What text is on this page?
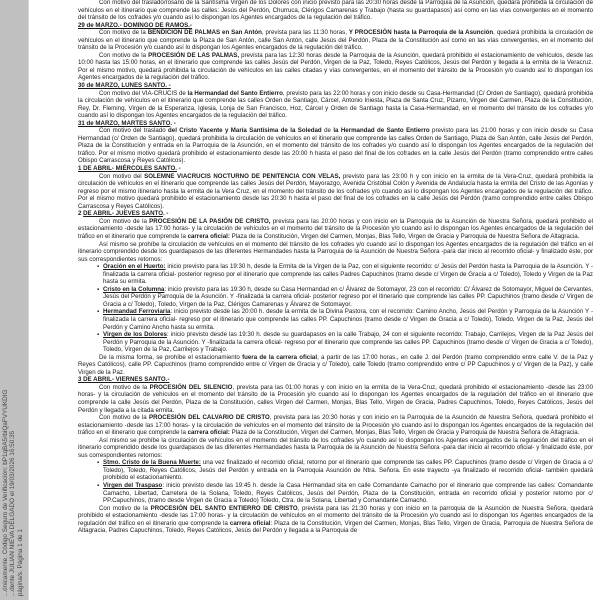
...ónicamente. Código Seguro de Verificación: bP1qBA5rbiQaFVYUKDIG ...dente JULIAN NIEVA DELGADO el 19/03/2026 16:50:35 página/s. Página 1 de 1

Con motivo del traslado/rosario de la Santísima Virgen de los Dolores con inicio previsto para las 20:30 horas desde la Parroquia de la Asunción, quedará prohibida la circulación de vehículos en el itinerario que comprende las calles: Jesús del Perdón, Churruca, Clérigos Camarenas y Trabajo (hasta su guardapasos) así como en las vías convergentes en el momento del tránsito de los cofrades y/o cuando así lo dispongan los Agentes encargados de la regulación del tráfico.

29 de MARZO.- DOMINGO DE RAMOS.-

Con motivo de la BENDICIÓN DE PALMAS en San Antón, prevista para las 11:30 horas, Y PROCESIÓN hasta la Parroquia de la Asunción, quedará prohibida la circulación de vehículos en el itinerario que comprende la Plaza de San Antón, calle San Antón, calle Jesús del Perdón, Plaza de la Constitución así como en las vías convergentes, en el momento del tránsito de la Procesión y/o cuando así lo dispongan los Agentes encargados de la regulación del tráfico.

Con motivo de la PROCESIÓN DE LAS PALMAS, prevista para las 12:30 horas desde la Parroquia de la Asunción, quedará prohibido el estacionamiento de vehículos, desde las 10:00 hasta las 15:00 horas, en el itinerario que comprende las calles Jesús del Perdón, Virgen de la Paz, Toledo, Reyes Católicos, Jesús del Perdón y llegada a la ermita de la Veracruz. Por el mismo motivo, quedará prohibida la circulación de vehículos en las calles citadas y vías convergentes, en el momento del tránsito de la Procesión y/o cuando así lo dispongan los Agentes encargados de la regulación del tráfico.

30 de MARZO, LUNES SANTO. -

Con motivo del VIA-CRUCIS de la Hermandad del Santo Entierro, previsto para las 22:00 horas y con inicio desde su Casa-Hermandad (C/ Orden de Santiago), quedará prohibida la circulación de vehículos en el itinerario que comprende las calles Orden de Santiago, Cárcel, Antonio Iniesta, Plaza de Santa Cruz, Pizarro, Virgen del Carmen, Plaza de la Constitución, Rey, Dr. Fleming, Virgen de la Esperanza, Iglesia, Lonja de San Francisco, Hoz, Cárcel y Orden de Santiago hasta la Casa-Hermandad, en el momento del tránsito de los cofrades y/o cuando así lo dispongan los Agentes encargados de la regulación del tráfico.

31 de MARZO, MARTES SANTO. -

Con motivo del traslado del Cristo Yacente y María Santísima de la Soledad de la Hermandad de Santo Entierro previsto para las 21:00 horas y con inicio desde su Casa Hermandad (c/ Orden de Santiago), quedará prohibida la circulación de vehículos en el itinerario que comprende las calles Orden de Santiago, Plaza de San Antón, calle Jesús del Perdón, Plaza de la Constitución y entrada en la Parroquia de la Asunción, en el momento del tránsito de los cofrades y/o cuando así lo dispongan los Agentes encargados de la regulación del tráfico. Por el mismo motivo quedará prohibido el estacionamiento desde las 20:00 h hasta el paso del final de los cofrades en la calle Jesús del Perdón (tramo comprendido entre calles Obispo Carrascosa y Reyes Católicos).

1 DE ABRIL- MIÉRCOLES SANTO. -

Con motivo del SOLEMNE VIACRUCIS NOCTURNO DE PENITENCIA CON VELAS, previsto para las 23:00 h y con inicio en la ermita de la Vera-Cruz, quedará prohibida la circulación de vehículos en el itinerario que comprende las calles Jesús del Perdón, Mayorazgo, Avenida Cristóbal Colón y Avenida de Andalucía hasta la ermita del Cristo de las Agonías y regreso por el mismo itinerario hasta la ermita de la Vera Cruz, en el momento del tránsito de los cofrades y/o cuando así lo dispongan los Agentes encargados de la regulación del tráfico. Por el mismo motivo quedará prohibido el estacionamiento desde las 20:30 h hasta el paso del final de los cofrades en la calle Jesús del Perdón (tramo comprendido entre calles Obispo Carrascosa y Reyes Católicos).

2 DE ABRIL- JUEVES SANTO. -

Con motivo de la PROCESIÓN DE LA PASIÓN DE CRISTO, prevista para las 20:00 horas y con inicio en la Parroquia de la Asunción de Nuestra Señora, quedará prohibido el estacionamiento -desde las 17:00 horas- y la circulación de vehículos en el momento del tránsito de la Procesión y/o cuando así lo dispongan los Agentes encargados de la regulación del tráfico en el itinerario que comprende la carrera oficial: Plaza de la Constitución, Virgen del Carmen, Monjas, Blas Tello, Virgen de Gracia y Parroquia de Nuestra Señora de Altagracia.

Así mismo se prohíbe la circulación de vehículos en el momento del tránsito de los cofrades y/o cuando así lo dispongan los Agentes encargados de la regulación del tráfico en el itinerario comprendido desde los guardapasos de las diferentes Hermandades hasta la Parroquia de la Asunción de Nuestra Señora -para dar inicio al recorrido oficial- y finalizado éste, por sus correspondientes retornos:

▪ Oración en el Huerto: inicio previsto para las 19:30 h, desde la Ermita de la Virgen de la Paz, con el siguiente recorrido: c/ Jesús del Perdón hasta la Parroquia de la Asunción. Y -finalizada la carrera oficial- posterior regreso por el itinerario que comprende las calles Padres Capuchinos (tramo desde c/ Virgen de Gracia a c/ Toledo), Toledo y Virgen de la Paz hasta su ermita.
▪ Cristo en la Columna: inicio previsto para las 19:30 h, desde su Casa Hermandad en c/ Álvarez de Sotomayor, 23 con el recorrido: C/ Álvarez de Sotomayor, Miguel de Cervantes, Jesús del Perdón y Parroquia de la Asunción. Y -finalizada la carrera oficial- posterior regreso por el itinerario que comprende las calles PP. Capuchinos (tramo desde c/ Virgen de Gracia a c/ Toledo), Toledo, Virgen de la Paz, Clérigos Camarenas y Álvarez de Sotomayor.
▪ Hermandad Ferroviaria: inicio previsto desde las 20:00 h. desde la ermita de la Divina Pastora, con el recorrido: Camino Ancho, Jesús del Perdón y Parroquia de la Asunción Y -finalizada la carrera oficial- regreso por el itinerario que comprende las calles PP. Capuchinos (tramo desde c/ Virgen de Gracia a c/ Toledo), Toledo, Virgen de la Paz, Jesús del Perdón y Camino Ancho hasta su ermita.
▪ Virgen de los Dolores: inicio previsto desde las 19:30 h. desde su guardapasos en la calle Trabajo, 24 con el siguiente recorrido: Trabajo, Carrilejos, Virgen de la Paz Jesús del Perdón y Parroquia de la Asunción. Y -finalizada la carrera oficial- regreso por el itinerario que comprende las calles PP. Capuchinos (tramo desde c/ Virgen de Gracia a c/ Toledo), Toledo, Virgen de la Paz, Carrilejos y Trabajo.

De la misma forma, se prohíbe el estacionamiento fuera de la carrera oficial, a partir de las 17:00 horas., en calle J. del Perdón (tramo comprendido entre calle V. de la Paz y Reyes Católicos), calle PP. Capuchinos (tramo comprendido entre c/ Virgen de Gracia y c/ Toledo), calle Toledo (tramo comprendido entre c/ PP Capuchinos y c/ Virgen de la Paz), y calle Virgen de la Paz.

3 DE ABRIL- VIERNES SANTO.-

Con motivo de la PROCESIÓN DEL SILENCIO, prevista para las 01:00 horas y con inicio en la ermita de la Vera-Cruz, quedará prohibido el estacionamiento -desde las 23:00 horas- y la circulación de vehículos en el momento del tránsito de la Procesión y/o cuando así lo dispongan los Agentes encargados de la regulación del tráfico en el itinerario que comprende la calle Jesús del Perdón, Plaza de la Constitución, calles Virgen del Carmen, Monjas, Blas Tello, Virgen de Gracia, Padres Capuchinos, Toledo, Reyes Católicos, Jesús del Perdón y llegada a la citada ermita.

Con motivo de la PROCESIÓN DEL CALVARIO DE CRISTO, prevista para las 20:30 horas y con inicio en la Parroquia de la Asunción de Nuestra Señora, quedará prohibido el estacionamiento -desde las 17:00 horas- y la circulación de vehículos en el momento del tránsito de la Procesión y/o cuando así lo dispongan los Agentes encargados de la regulación del tráfico en el itinerario que comprende la carrera oficial: Plaza de la Constitución, Virgen del Carmen, Monjas, Blas Tello, Virgen de Gracia y Parroquia de Nuestra Señora de Altagracia.

Así mismo se prohíbe la circulación de vehículos en el momento del tránsito de los cofrades y/o cuando así lo dispongan los Agentes encargados de la regulación del tráfico en el itinerario comprendido desde los guardapasos de las diferentes Hermandades hasta la Parroquia de la Asunción de Nuestra Señora -para dar inicio al recorrido oficial- y finalizado éste, por sus correspondientes retornos:

▪ Stmo. Cristo de la Buena Muerte: una vez finalizado el recorrido oficial, retorno por el itinerario que comprende las calles PP. Capuchinos (tramo desde c/ Virgen de Gracia a c/ Toledo), Toledo, Reyes Católicos, Jesús del Perdón y entrada en la Parroquia Asunción de Ntra. Señora. En este trayecto -ya finalizado el recorrido oficial- también quedará prohibido el estacionamiento.
▪ Virgen del Traspaso: inicio previsto desde las 19:45 h. desde la Casa Hermandad sita en calle Comandante Camacho por el itinerario que comprende las calles: Comandante Camacho, Libertad, Carretera de la Solana, Toledo, Reyes Católicos, Jesús del Perdón, Plaza de la Constitución, entrada en recorrido oficial y posterior retorno por c/ PP.Capuchinos, (tramo desde Virgen de Gracia a Toledo) Toledo, Ctra. de la Solana, Libertad y Comandante Camacho.

Con motivo de la PROCESIÓN DEL SANTO ENTIERRO DE CRISTO, prevista para las 21:30 horas y con inicio en la parroquia de la Asunción de Nuestra Señora, quedará prohibido el estacionamiento -desde las 17:00 horas- y la circulación de vehículos en el momento del tránsito de la Procesión y/o cuando así lo dispongan los Agentes encargados de la regulación del tráfico en el itinerario que comprende la carrera oficial: Plaza de la Constitución, Virgen del Carmen, Monjas, Blas Tello, Virgen de Gracia, Parroquia de Nuestra Señora de Altagracia, Padres Capuchinos, Toledo, Reyes Católicos, Jesús del Perdón y llegada a la Parroquia de
